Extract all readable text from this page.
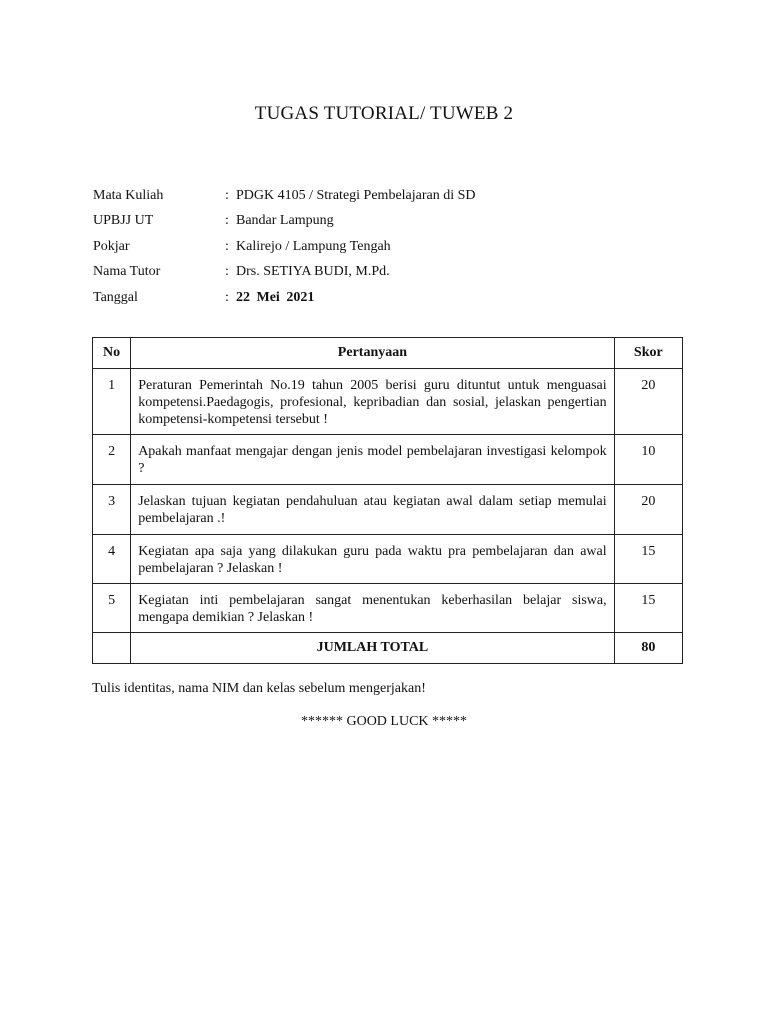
TUGAS TUTORIAL/ TUWEB 2
Mata Kuliah	: PDGK 4105 / Strategi Pembelajaran di SD
UPBJJ UT	: Bandar Lampung
Pokjar	: Kalirejo / Lampung Tengah
Nama Tutor	: Drs. SETIYA BUDI, M.Pd.
Tanggal	: 22 Mei 2021
No	Pertanyaan	Skor
1	Peraturan Pemerintah No.19 tahun 2005 berisi guru dituntut untuk menguasai kompetensi.Paedagogis, profesional, kepribadian dan sosial, jelaskan pengertian kompetensi-kompetensi tersebut !	20
2	Apakah manfaat mengajar dengan jenis model pembelajaran investigasi kelompok ?	10
3	Jelaskan tujuan kegiatan pendahuluan atau kegiatan awal dalam setiap memulai pembelajaran .!	20
4	Kegiatan apa saja yang dilakukan guru pada waktu pra pembelajaran dan awal pembelajaran ? Jelaskan !	15
5	Kegiatan inti pembelajaran sangat menentukan keberhasilan belajar siswa, mengapa demikian ? Jelaskan !	15
	JUMLAH TOTAL	80
Tulis identitas, nama NIM dan kelas sebelum mengerjakan!
****** GOOD LUCK *****
